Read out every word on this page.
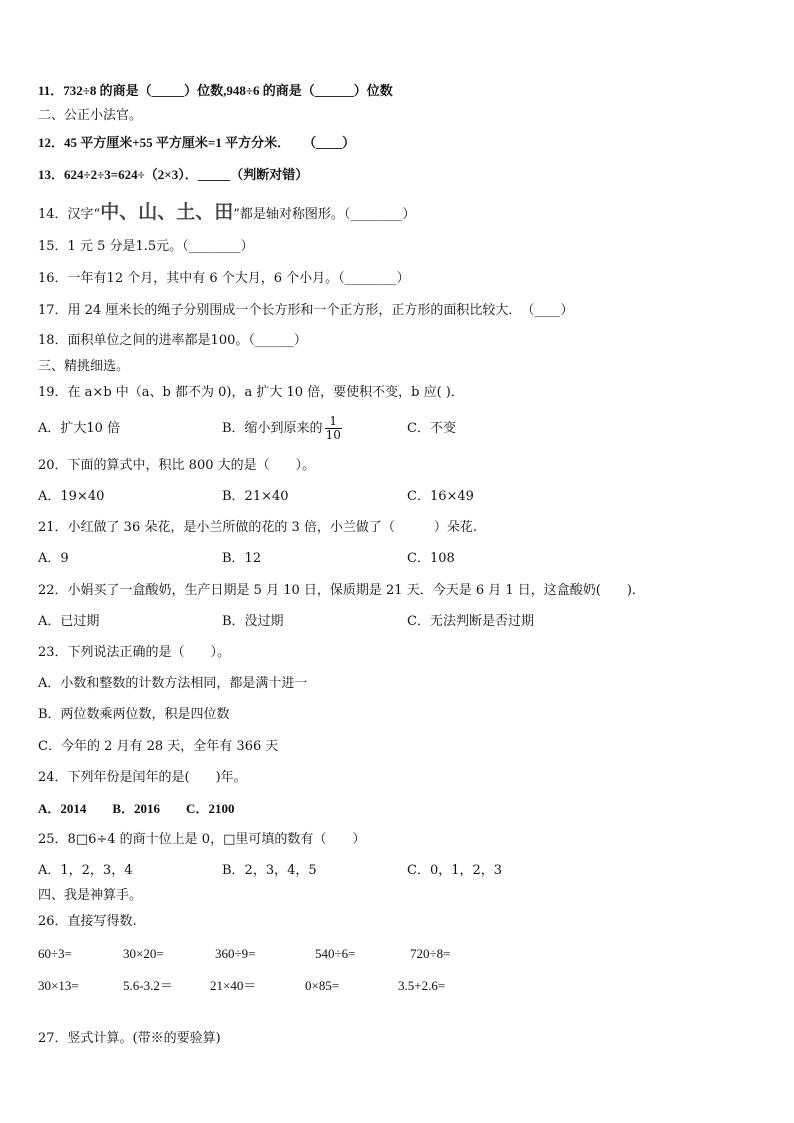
11．732÷8 的商是（_____）位数,948÷6 的商是（______）位数
二、公正小法官。
12．45 平方厘米+55 平方厘米=1 平方分米．　　（____）
13．624÷2÷3=624÷（2×3）．_____（判断对错）
14．汉字“中、山、土、田”都是轴对称图形。（________）
15．1 元 5 分是1.5元。（________）
16．一年有12 个月，其中有 6 个大月，6 个小月。（________）
17．用 24 厘米长的绳子分别围成一个长方形和一个正方形，正方形的面积比较大．　（____）
18．面积单位之间的进率都是100。（______）
三、精挑细选。
19．在 a×b 中（a、b 都不为 0)，a 扩大 10 倍，要使积不变，b 应( )．
A．扩大10 倍	B．缩小到原来的 $\frac{1}{10}$	C．不变
20．下面的算式中，积比 800 大的是（　　）。
A．19×40	B．21×40	C．16×49
21．小红做了 36 朵花，是小兰所做的花的 3 倍，小兰做了（　　　）朵花.
A．9	B．12	C．108
22．小娟买了一盒酸奶，生产日期是 5 月 10 日，保质期是 21 天．今天是 6 月 1 日，这盒酸奶(　　)．
A．已过期	B．没过期	C．无法判断是否过期
23．下列说法正确的是（　　）。
A．小数和整数的计数方法相同，都是满十进一
B．两位数乘两位数，积是四位数
C．今年的 2 月有 28 天，全年有 366 天
24．下列年份是闰年的是(　　)年。
A．2014　　B．2016　　C．2100
25．8□6÷4 的商十位上是 0，□里可填的数有（　　）
A．1，2，3，4	B．2，3，4，5	C．0，1，2，3
四、我是神算手。
26．直接写得数.
60÷3=	30×20=	360÷9=	540÷6=	720÷8=
30×13=	5.6-3.2＝	21×40＝	0×85=	3.5+2.6=
27．竖式计算。(带※的要验算)
